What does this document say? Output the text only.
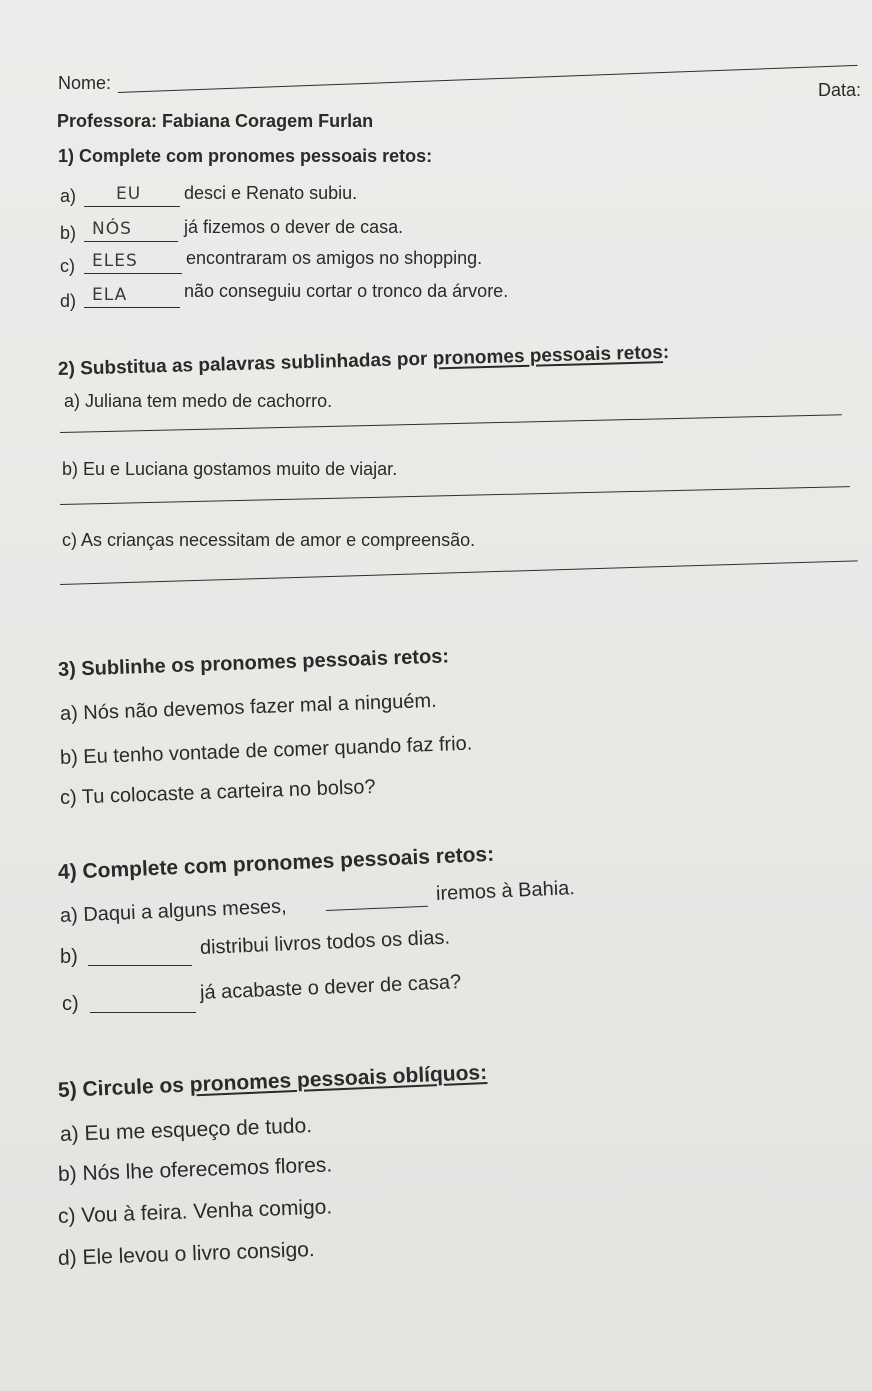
Nome:	Data:
Professora: Fabiana Coragem Furlan
1) Complete com pronomes pessoais retos:
a) EU desci e Renato subiu.
b) NÓS	já fizemos o dever de casa.
c) ELES	encontraram os amigos no shopping.
d) ELA	não conseguiu cortar o tronco da árvore.
2) Substitua as palavras sublinhadas por pronomes pessoais retos:
a) Juliana tem medo de cachorro.
b) Eu e Luciana gostamos muito de viajar.
c) As crianças necessitam de amor e compreensão.
3) Sublinhe os pronomes pessoais retos:
a) Nós não devemos fazer mal a ninguém.
b) Eu tenho vontade de comer quando faz frio.
c) Tu colocaste a carteira no bolso?
4) Complete com pronomes pessoais retos:
a) Daqui a alguns meses,
iremos à Bahia.
b)	distribui livros todos os dias.
c)
já acabaste o dever de casa?
5) Circule os pronomes pessoais oblíquos:
a) Eu me esqueço de tudo.
b) Nós lhe oferecemos flores.
c) Vou à feira. Venha comigo.
d) Ele levou o livro consigo.
